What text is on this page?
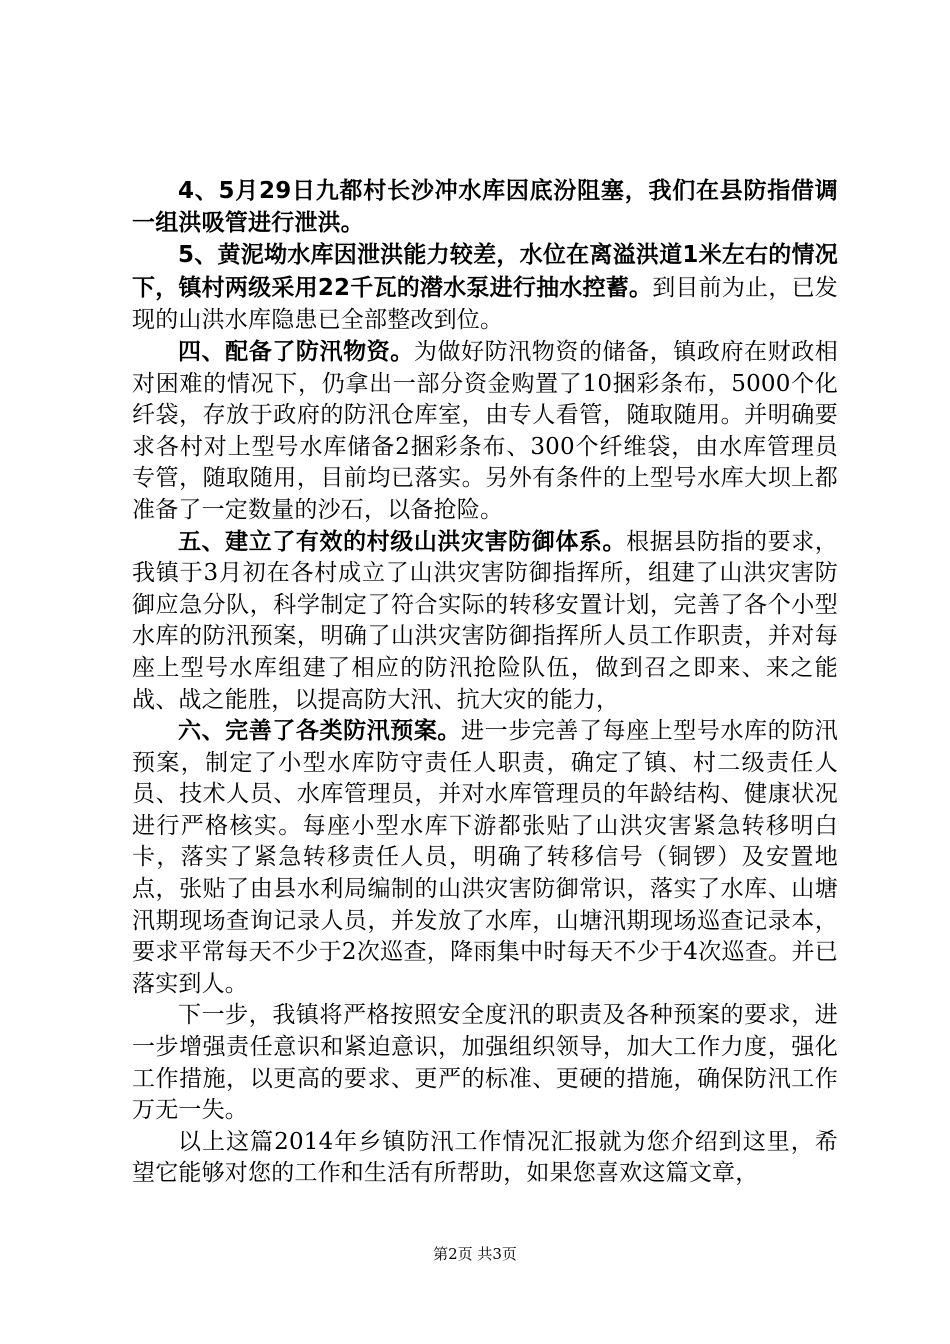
4、5月29日九都村长沙冲水库因底汾阻塞，我们在县防指借调一组洪吸管进行泄洪。

5、黄泥坳水库因泄洪能力较差，水位在离溢洪道1米左右的情况下，镇村两级采用22千瓦的潜水泵进行抽水控蓄。到目前为止，已发现的山洪水库隐患已全部整改到位。

四、配备了防汛物资。为做好防汛物资的储备，镇政府在财政相对困难的情况下，仍拿出一部分资金购置了10捆彩条布，5000个化纤袋，存放于政府的防汛仓库室，由专人看管，随取随用。并明确要求各村对上型号水库储备2捆彩条布、300个纤维袋，由水库管理员专管，随取随用，目前均已落实。另外有条件的上型号水库大坝上都准备了一定数量的沙石，以备抢险。

五、建立了有效的村级山洪灾害防御体系。根据县防指的要求，我镇于3月初在各村成立了山洪灾害防御指挥所，组建了山洪灾害防御应急分队，科学制定了符合实际的转移安置计划，完善了各个小型水库的防汛预案，明确了山洪灾害防御指挥所人员工作职责，并对每座上型号水库组建了相应的防汛抢险队伍，做到召之即来、来之能战、战之能胜，以提高防大汛、抗大灾的能力，

六、完善了各类防汛预案。进一步完善了每座上型号水库的防汛预案，制定了小型水库防守责任人职责，确定了镇、村二级责任人员、技术人员、水库管理员，并对水库管理员的年龄结构、健康状况进行严格核实。每座小型水库下游都张贴了山洪灾害紧急转移明白卡，落实了紧急转移责任人员，明确了转移信号（铜锣）及安置地点，张贴了由县水利局编制的山洪灾害防御常识，落实了水库、山塘汛期现场查询记录人员，并发放了水库，山塘汛期现场巡查记录本，要求平常每天不少于2次巡查，降雨集中时每天不少于4次巡查。并已落实到人。

下一步，我镇将严格按照安全度汛的职责及各种预案的要求，进一步增强责任意识和紧迫意识，加强组织领导，加大工作力度，强化工作措施，以更高的要求、更严的标准、更硬的措施，确保防汛工作万无一失。

以上这篇2014年乡镇防汛工作情况汇报就为您介绍到这里，希望它能够对您的工作和生活有所帮助，如果您喜欢这篇文章，

第2页 共3页
